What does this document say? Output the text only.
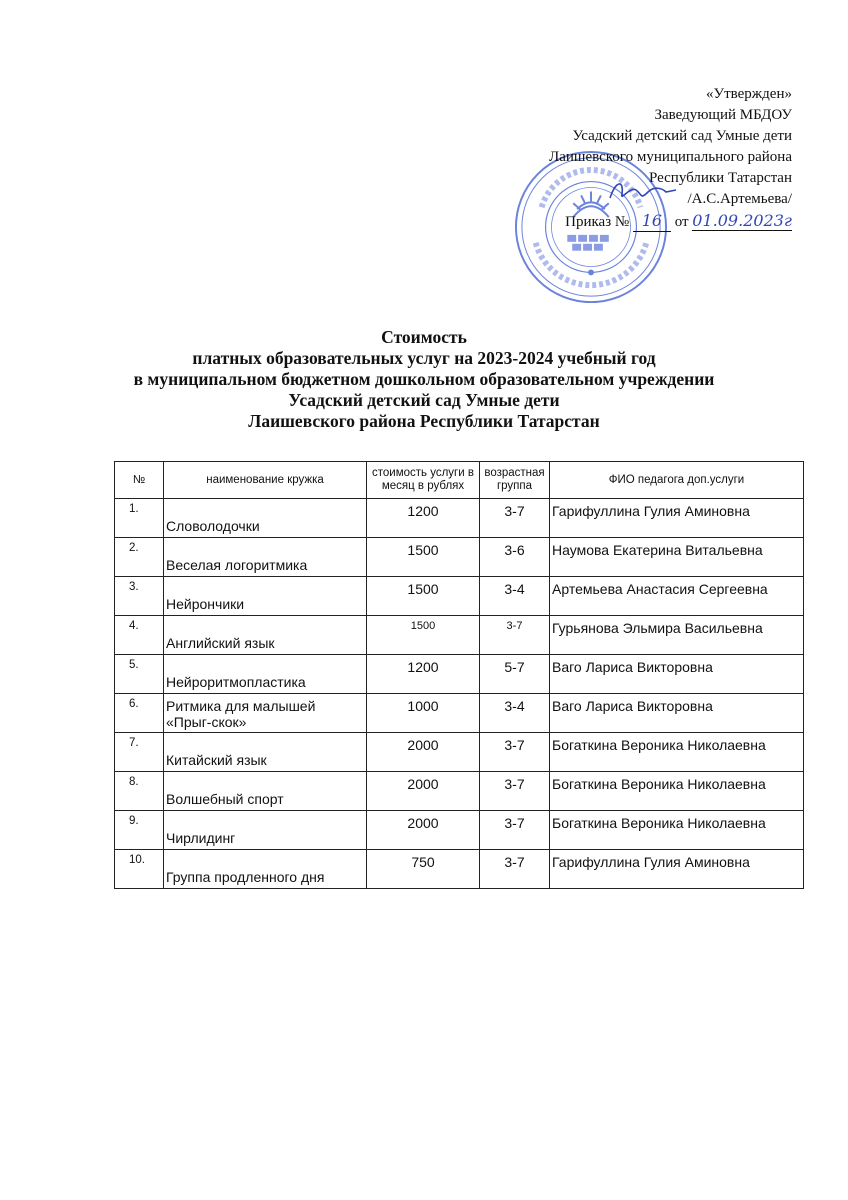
«Утвержден»
Заведующий МБДОУ
Усадский детский сад Умные дети
Лаишевского муниципального района
Республики Татарстан
/А.С.Артемьева/
Приказ № 16 от 01.09.2023г
Стоимость
платных образовательных услуг на 2023-2024 учебный год
в муниципальном бюджетном дошкольном образовательном учреждении
Усадский детский сад Умные дети
Лаишевского района Республики Татарстан
№	наименование кружка	стоимость услуги в месяц в рублях	возрастная группа	ФИО педагога доп.услуги

1.	Словолодочки	1200	3-7	Гарифуллина Гулия Аминовна

2.	Веселая логоритмика	1500	3-6	Наумова Екатерина Витальевна

3.	Нейрончики	1500	3-4	Артемьева Анастасия Сергеевна

4.	Английский язык	1500	3-7	Гурьянова Эльмира Васильевна

5.	Нейроритмопластика	1200	5-7	Ваго Лариса Викторовна

6.	Ритмика для малышей
«Прыг-скок»	1000	3-4	Ваго Лариса Викторовна

7.	Китайский язык	2000	3-7	Богаткина Вероника Николаевна

8.	Волшебный спорт	2000	3-7	Богаткина Вероника Николаевна

9.	Чирлидинг	2000	3-7	Богаткина Вероника Николаевна

10.	Группа продленного дня	750	3-7	Гарифуллина Гулия Аминовна
